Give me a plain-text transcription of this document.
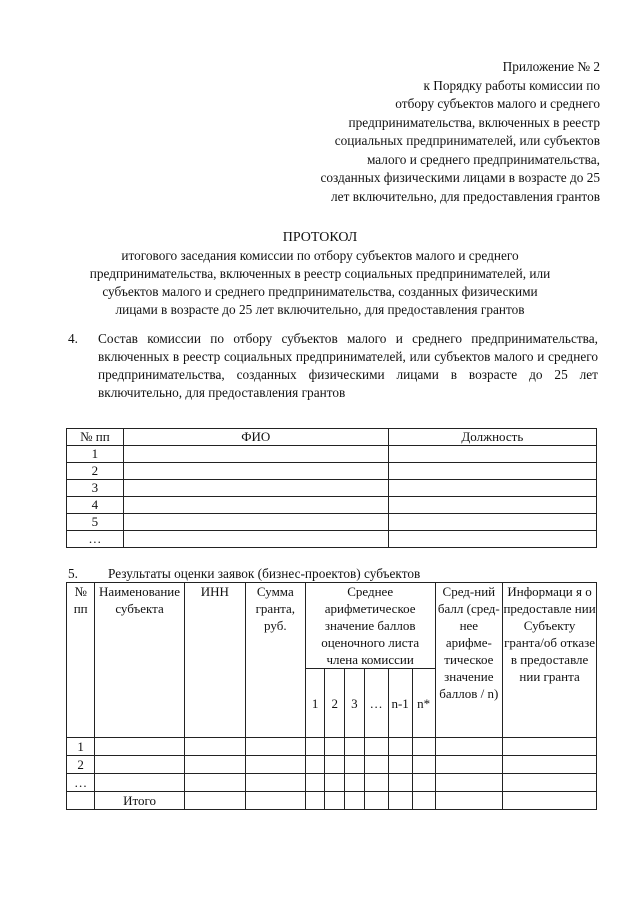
Приложение № 2
к Порядку работы комиссии по
отбору субъектов малого и среднего
предпринимательства, включенных в реестр
социальных предпринимателей, или субъектов
малого и среднего предпринимательства,
созданных физическими лицами в возрасте до 25
лет включительно, для предоставления грантов
ПРОТОКОЛ
итогового заседания комиссии по отбору субъектов малого и среднего
предпринимательства, включенных в реестр социальных предпринимателей, или
субъектов малого и среднего предпринимательства, созданных физическими
лицами в возрасте до 25 лет включительно, для предоставления грантов
4. Состав комиссии по отбору субъектов малого и среднего предпринимательства, включенных в реестр социальных предпринимателей, или субъектов малого и среднего предпринимательства, созданных физическими лицами в возрасте до 25 лет включительно, для предоставления грантов
№ пп	ФИО	Должность
1		
2		
3		
4		
5		
…		
5. Результаты оценки заявок (бизнес-проектов) субъектов
№ пп	Наименование субъекта	ИНН	Сумма гранта, руб.	Среднее арифметическое значение баллов оценочного листа члена комиссии						Сред-ний балл (сред-нее арифме-тическое значение баллов / n)	Информаци я о предоставле нии Субъекту гранта/об отказе в предоставле нии гранта
				1	2	3	…	n-1	n*		
1											
2											
…											
	Итого										
